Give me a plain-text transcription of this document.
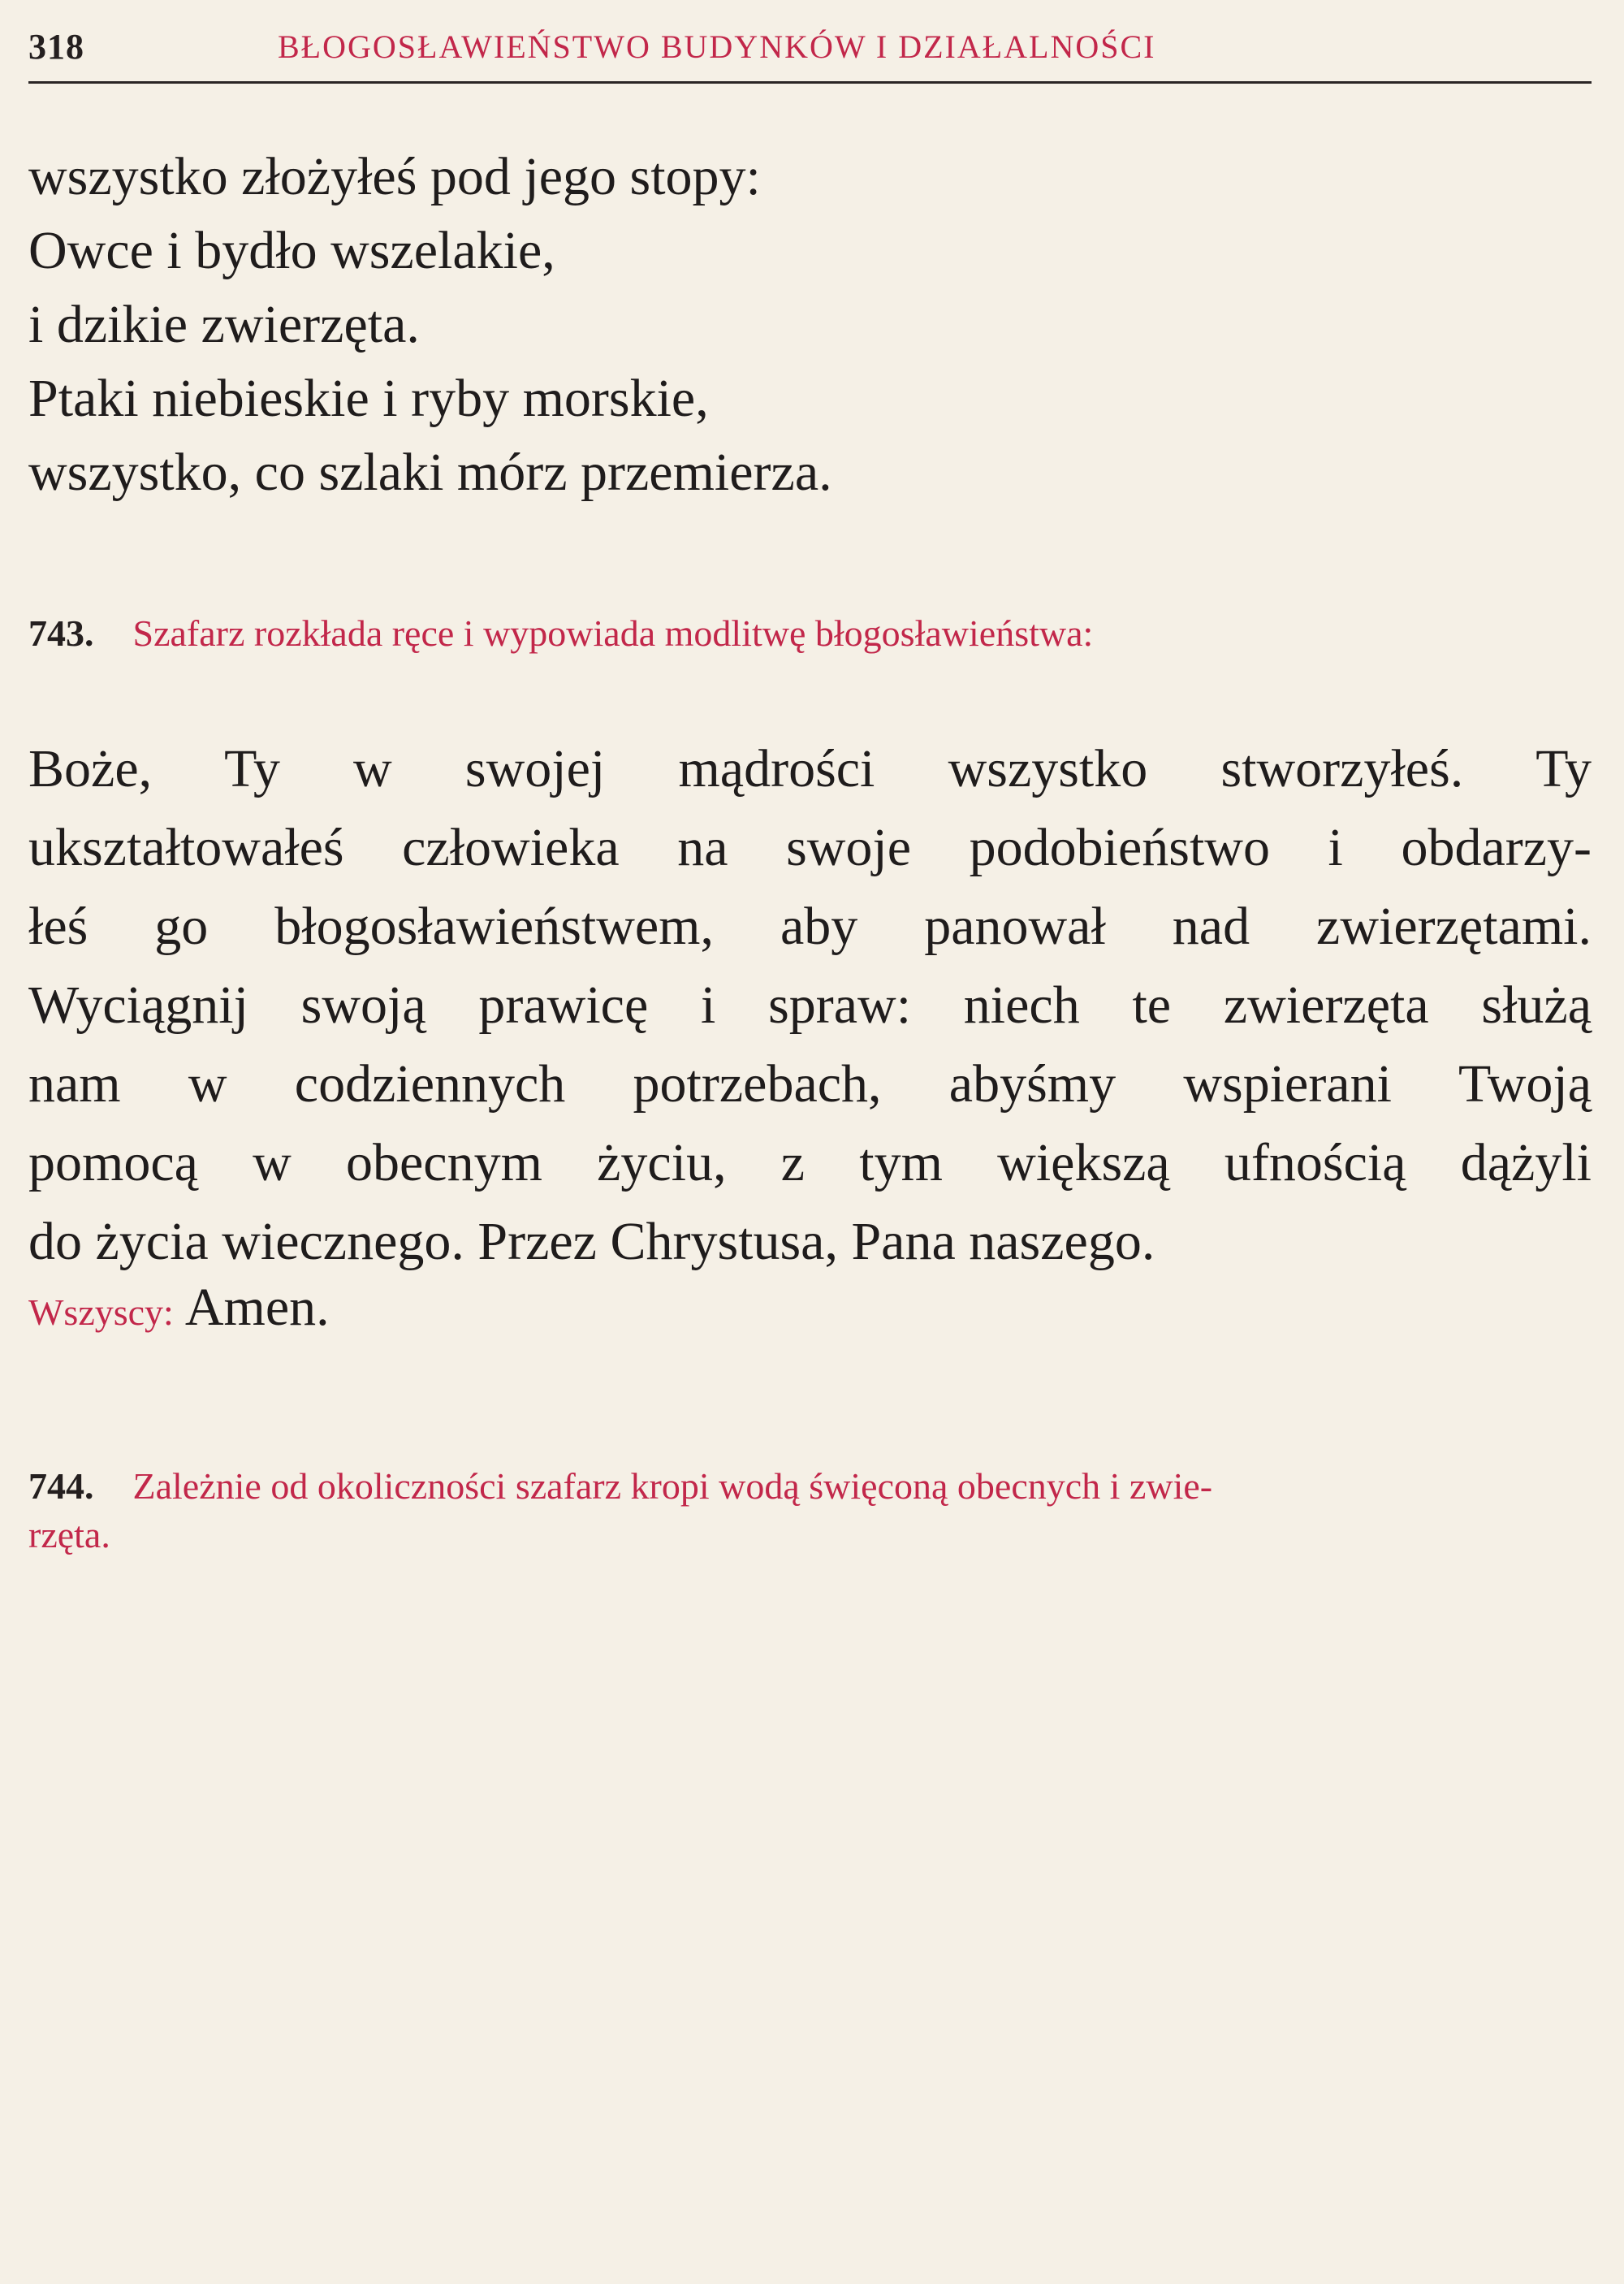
318	BŁOGOSŁAWIEŃSTWO BUDYNKÓW I DZIAŁALNOŚCI
wszystko złożyłeś pod jego stopy:
Owce i bydło wszelakie,
i dzikie zwierzęta.
Ptaki niebieskie i ryby morskie,
wszystko, co szlaki mórz przemierza.
743. Szafarz rozkłada ręce i wypowiada modlitwę błogosławieństwa:
Boże, Ty w swojej mądrości wszystko stworzyłeś. Ty
ukształtowałeś człowieka na swoje podobieństwo i obdarzy-
łeś go błogosławieństwem, aby panował nad zwierzętami.
Wyciągnij swoją prawicę i spraw: niech te zwierzęta służą
nam w codziennych potrzebach, abyśmy wspierani Twoją
pomocą w obecnym życiu, z tym większą ufnością dążyli
do życia wiecznego. Przez Chrystusa, Pana naszego.
Wszyscy: Amen.
744. Zależnie od okoliczności szafarz kropi wodą święconą obecnych i zwie-
rzęta.
